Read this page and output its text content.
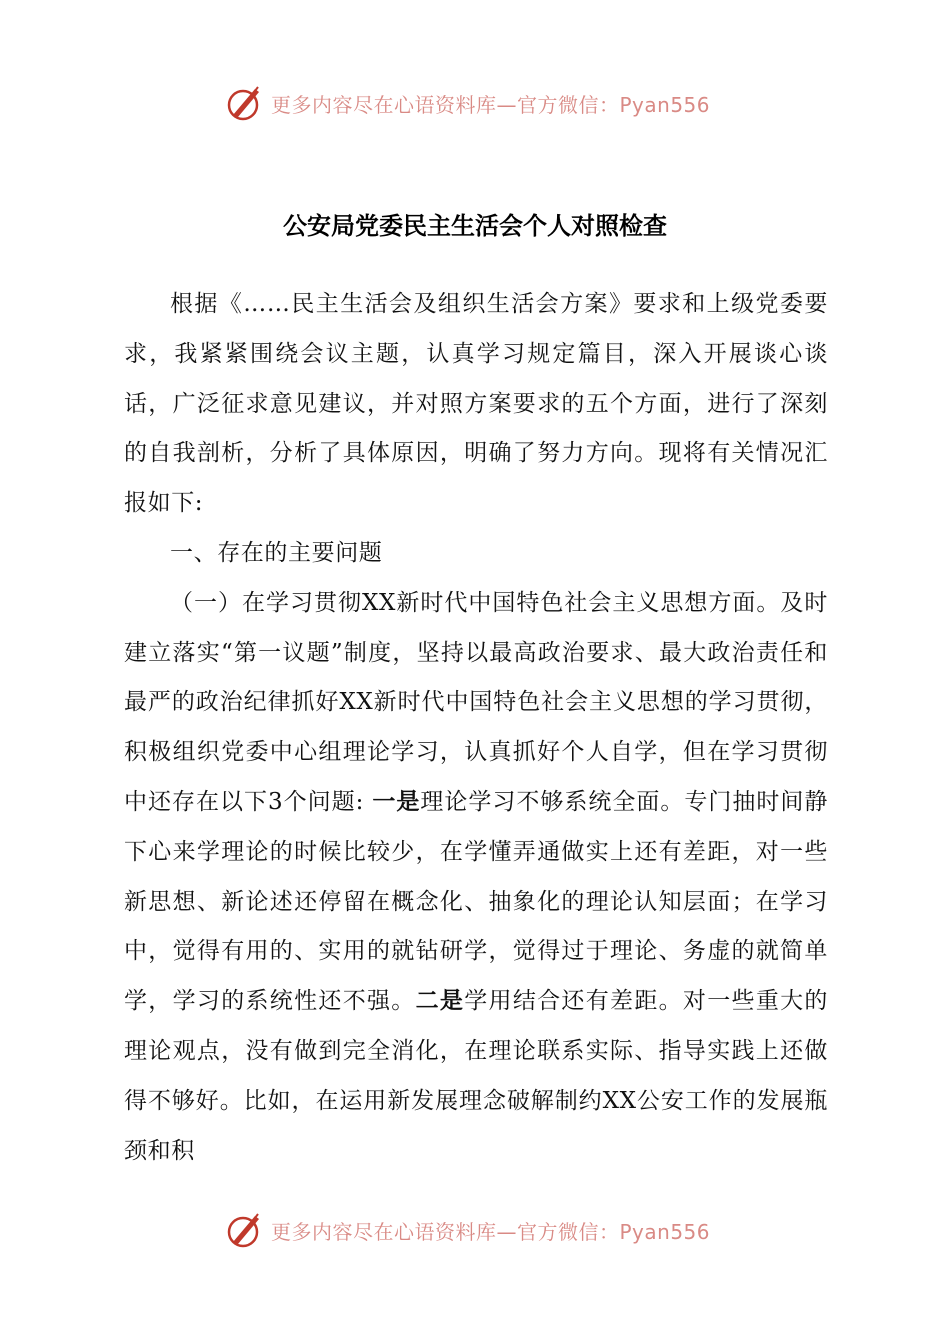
更多内容尽在心语资料库—官方微信：Pyan556
公安局党委民主生活会个人对照检查

根据《……民主生活会及组织生活会方案》要求和上级党委要求，我紧紧围绕会议主题，认真学习规定篇目，深入开展谈心谈话，广泛征求意见建议，并对照方案要求的五个方面，进行了深刻的自我剖析，分析了具体原因，明确了努力方向。现将有关情况汇报如下:

一、存在的主要问题

（一）在学习贯彻XX新时代中国特色社会主义思想方面。及时建立落实“第一议题”制度，坚持以最高政治要求、最大政治责任和最严的政治纪律抓好XX新时代中国特色社会主义思想的学习贯彻，积极组织党委中心组理论学习，认真抓好个人自学，但在学习贯彻中还存在以下3个问题: 一是理论学习不够系统全面。专门抽时间静下心来学理论的时候比较少，在学懂弄通做实上还有差距，对一些新思想、新论述还停留在概念化、抽象化的理论认知层面；在学习中，觉得有用的、实用的就钻研学，觉得过于理论、务虚的就简单学，学习的系统性还不强。二是学用结合还有差距。对一些重大的理论观点，没有做到完全消化，在理论联系实际、指导实践上还做得不够好。比如，在运用新发展理念破解制约XX公安工作的发展瓶颈和积

更多内容尽在心语资料库—官方微信：Pyan556
